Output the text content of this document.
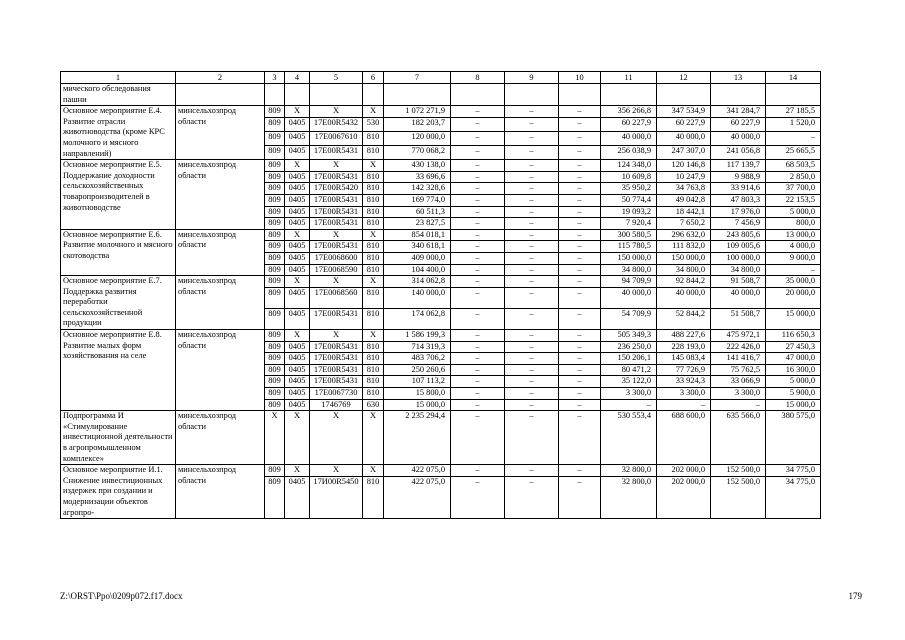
1	2	3	4	5	6	7	8	9	10	11	12	13	14
мического обследования пашни													
Основное мероприятие Е.4. Развитие отрасли животноводства (кроме КРС молочного и мясного направлений)	минсельхозпрод области	809	Х	Х	Х	1 072 271,9	–	–	–	356 266,8	347 534,9	341 284,7	27 185,5
		809	0405	17Е00R5432	530	182 203,7	–	–	–	60 227,9	60 227,9	60 227,9	1 520,0
		809	0405	17Е0067610	810	120 000,0	–	–	–	40 000,0	40 000,0	40 000,0	–
		809	0405	17Е00R5431	810	770 068,2	–	–	–	256 038,9	247 307,0	241 056,8	25 665,5
Основное мероприятие Е.5. Поддержание доходности сельскохозяйственных товаропроизводителей в животноводстве	минсельхозпрод области	809	Х	Х	Х	430 138,0	–	–	–	124 348,0	120 146,8	117 139,7	68 503,5
		809	0405	17Е00R5431	810	33 696,6	–	–	–	10 609,8	10 247,9	9 988,9	2 850,0
		809	0405	17Е00R5420	810	142 328,6	–	–	–	35 950,2	34 763,8	33 914,6	37 700,0
		809	0405	17Е00R5431	810	169 774,0	–	–	–	50 774,4	49 042,8	47 803,3	22 153,5
		809	0405	17Е00R5431	810	60 511,3	–	–	–	19 093,2	18 442,1	17 976,0	5 000,0
		809	0405	17Е00R5431	810	23 827,5	–	–	–	7 920,4	7 650,2	7 456,9	800,0
Основное мероприятие Е.6. Развитие молочного и мясного скотоводства	минсельхозпрод области	809	Х	Х	Х	854 018,1	–	–	–	300 580,5	296 632,0	243 805,6	13 000,0
		809	0405	17Е00R5431	810	340 618,1	–	–	–	115 780,5	111 832,0	109 005,6	4 000,0
		809	0405	17Е0068600	810	409 000,0	–	–	–	150 000,0	150 000,0	100 000,0	9 000,0
		809	0405	17Е0068590	810	104 400,0	–	–	–	34 800,0	34 800,0	34 800,0	–
Основное мероприятие Е.7. Поддержка развития переработки сельскохозяйственной продукции	минсельхозпрод области	809	Х	Х	Х	314 062,8	–	–	–	94 709,9	92 844,2	91 508,7	35 000,0
		809	0405	17Е0068560	810	140 000,0	–	–	–	40 000,0	40 000,0	40 000,0	20 000,0
		809	0405	17Е00R5431	810	174 062,8	–	–	–	54 709,9	52 844,2	51 508,7	15 000,0
Основное мероприятие Е.8. Развитие малых форм хозяйствования на селе	минсельхозпрод области	809	Х	Х	Х	1 586 199,3	–	–	–	505 349,3	488 227,6	475 972,1	116 650,3
		809	0405	17Е00R5431	810	714 319,3	–	–	–	236 250,0	228 193,0	222 426,0	27 450,3
		809	0405	17Е00R5431	810	483 706,2	–	–	–	150 206,1	145 083,4	141 416,7	47 000,0
		809	0405	17Е00R5431	810	250 260,6	–	–	–	80 471,2	77 726,9	75 762,5	16 300,0
		809	0405	17Е00R5431	810	107 113,2	–	–	–	35 122,0	33 924,3	33 066,9	5 000,0
		809	0405	17Е0067730	810	15 800,0	–	–	–	3 300,0	3 300,0	3 300,0	5 900,0
		809	0405	1746769	630	15 000,0	–	–	–	–	–	–	15 000,0
Подпрограмма И «Стимулирование инвестиционной деятельности в агропромышленном комплексе»	минсельхозпрод области	Х	Х	Х	Х	2 235 294,4	–	–	–	530 553,4	688 600,0	635 566,0	380 575,0
Основное мероприятие И.1. Снижение инвестиционных издержек при создании и модернизации объектов агропро-	минсельхозпрод области	809	Х	Х	Х	422 075,0	–	–	–	32 800,0	202 000,0	152 500,0	34 775,0
		809	0405	17И00R5450	810	422 075,0	–	–	–	32 800,0	202 000,0	152 500,0	34 775,0
Z:\ORST\Ppo\0209p072.f17.docx	179
